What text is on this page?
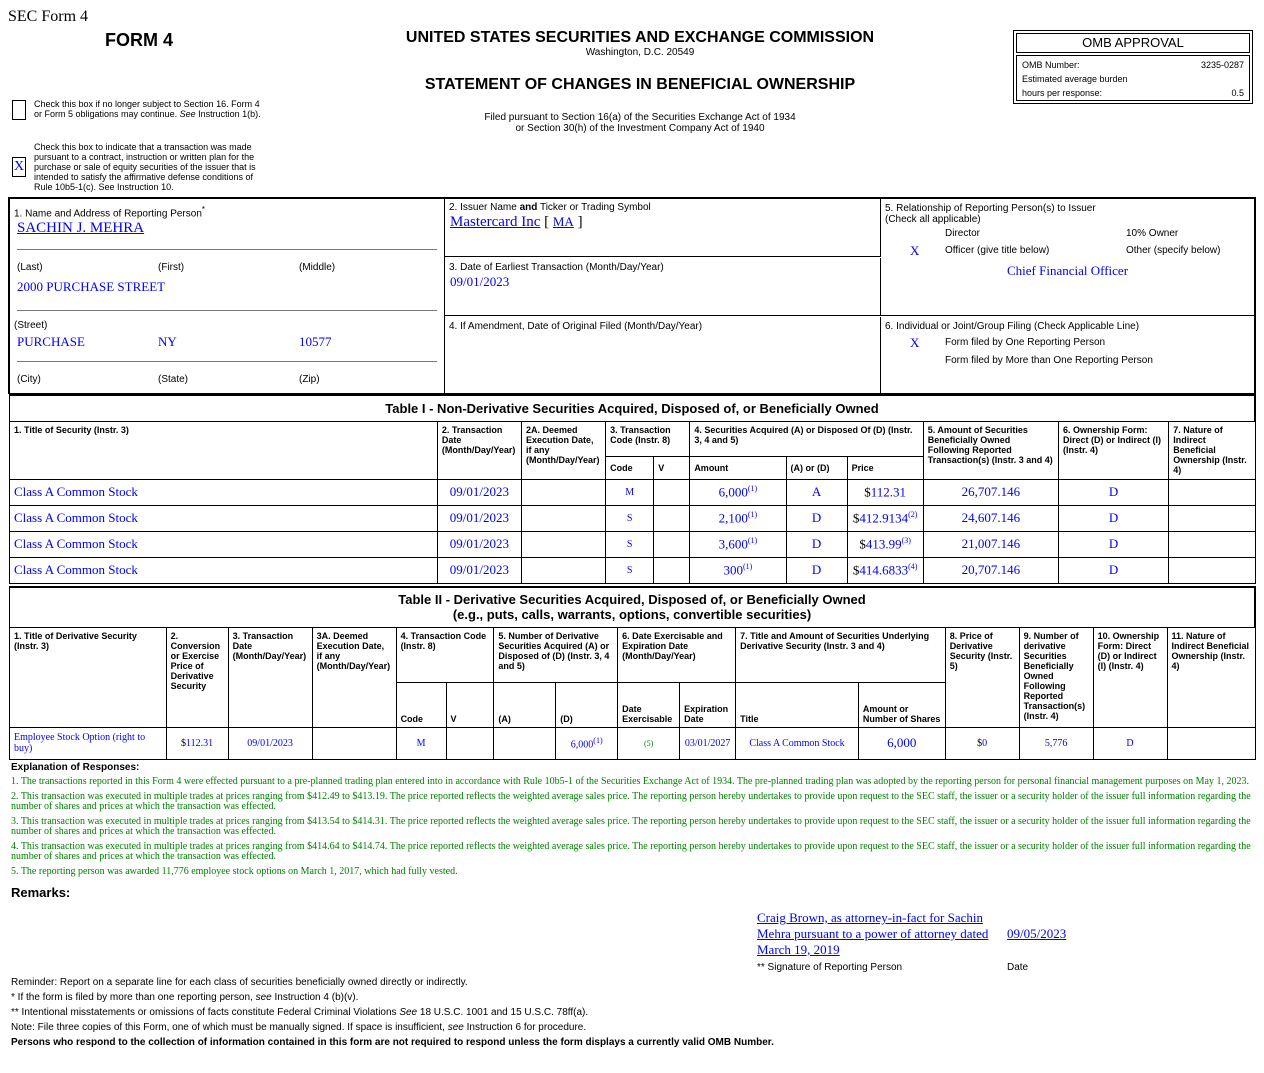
SEC Form 4
FORM 4	UNITED STATES SECURITIES AND EXCHANGE COMMISSION
Washington, D.C. 20549
STATEMENT OF CHANGES IN BENEFICIAL OWNERSHIP
Filed pursuant to Section 16(a) of the Securities Exchange Act of 1934
or Section 30(h) of the Investment Company Act of 1940
Check this box if no longer subject to Section 16. Form 4 or Form 5 obligations may continue. See Instruction 1(b).
X
Check this box to indicate that a transaction was made pursuant to a contract, instruction or written plan for the purchase or sale of equity securities of the issuer that is intended to satisfy the affirmative defense conditions of Rule 10b5-1(c). See Instruction 10.
OMB APPROVAL
OMB Number:	3235-0287
Estimated average burden
hours per response:	0.5
1. Name and Address of Reporting Person*
SACHIN J. MEHRA
(Last)	(First)	(Middle)
2000 PURCHASE STREET
(Street)
PURCHASE	NY	10577
(City)	(State)	(Zip)
2. Issuer Name and Ticker or Trading Symbol
Mastercard Inc [ MA ]
3. Date of Earliest Transaction (Month/Day/Year)
09/01/2023
4. If Amendment, Date of Original Filed (Month/Day/Year)
5. Relationship of Reporting Person(s) to Issuer
(Check all applicable)
Director	10% Owner
X	Officer (give title below)	Other (specify below)
Chief Financial Officer
6. Individual or Joint/Group Filing (Check Applicable Line)
X	Form filed by One Reporting Person
Form filed by More than One Reporting Person
Table I - Non-Derivative Securities Acquired, Disposed of, or Beneficially Owned										
1. Title of Security (Instr. 3)	2. Transaction Date (Month/Day/Year)	2A. Deemed Execution Date, if any (Month/Day/Year)	3. Transaction Code (Instr. 8)		4. Securities Acquired (A) or Disposed Of (D) (Instr. 3, 4 and 5)			5. Amount of Securities Beneficially Owned Following Reported Transaction(s) (Instr. 3 and 4)	6. Ownership Form: Direct (D) or Indirect (I) (Instr. 4)	7. Nature of Indirect Beneficial Ownership (Instr. 4)
			Code	V	Amount	(A) or (D)	Price			
Class A Common Stock	09/01/2023		M		6,000$^{(1)}$	A	$112.31	26,707.146	D	
Class A Common Stock	09/01/2023		S		2,100$^{(1)}$	D	$412.9134$^{(2)}$	24,607.146	D	
Class A Common Stock	09/01/2023		S		3,600$^{(1)}$	D	$413.99$^{(3)}$	21,007.146	D	
Class A Common Stock	09/01/2023		S		300$^{(1)}$	D	$414.6833$^{(4)}$	20,707.146	D	
Table II - Derivative Securities Acquired, Disposed of, or Beneficially Owned
(e.g., puts, calls, warrants, options, convertible securities)															

1. Title of Derivative Security (Instr. 3)	2. Conversion or Exercise Price of Derivative Security	3. Transaction Date (Month/Day/Year)	3A. Deemed Execution Date, if any (Month/Day/Year)	4. Transaction Code (Instr. 8)		5. Number of Derivative Securities Acquired (A) or Disposed of (D) (Instr. 3, 4 and 5)		6. Date Exercisable and Expiration Date (Month/Day/Year)		7. Title and Amount of Securities Underlying Derivative Security (Instr. 3 and 4)		8. Price of Derivative Security (Instr. 5)	9. Number of derivative Securities Beneficially Owned Following Reported Transaction(s) (Instr. 4)	10. Ownership Form: Direct (D) or Indirect (I) (Instr. 4)	11. Nature of Indirect Beneficial Ownership (Instr. 4)
				Code	V	(A)	(D)	Date Exercisable	Expiration Date	Title	Amount or Number of Shares				
Employee Stock Option (right to buy)	$112.31	09/01/2023		M			6,000$^{(1)}$	(5)	03/01/2027	Class A Common Stock	6,000	$0	5,776	D	
Explanation of Responses:
1. The transactions reported in this Form 4 were effected pursuant to a pre-planned trading plan entered into in accordance with Rule 10b5-1 of the Securities Exchange Act of 1934. The pre-planned trading plan was adopted by the reporting person for personal financial management purposes on May 1, 2023.
2. This transaction was executed in multiple trades at prices ranging from $412.49 to $413.19. The price reported reflects the weighted average sales price. The reporting person hereby undertakes to provide upon request to the SEC staff, the issuer or a security holder of the issuer full information regarding the number of shares and prices at which the transaction was effected.
3. This transaction was executed in multiple trades at prices ranging from $413.54 to $414.31. The price reported reflects the weighted average sales price. The reporting person hereby undertakes to provide upon request to the SEC staff, the issuer or a security holder of the issuer full information regarding the number of shares and prices at which the transaction was effected.
4. This transaction was executed in multiple trades at prices ranging from $414.64 to $414.74. The price reported reflects the weighted average sales price. The reporting person hereby undertakes to provide upon request to the SEC staff, the issuer or a security holder of the issuer full information regarding the number of shares and prices at which the transaction was effected.
5. The reporting person was awarded 11,776 employee stock options on March 1, 2017, which had fully vested.
Remarks:
Craig Brown, as attorney-in-fact for Sachin Mehra pursuant to a power of attorney dated March 19, 2019
09/05/2023
** Signature of Reporting Person	Date
Reminder: Report on a separate line for each class of securities beneficially owned directly or indirectly.
* If the form is filed by more than one reporting person, see Instruction 4 (b)(v).
** Intentional misstatements or omissions of facts constitute Federal Criminal Violations See 18 U.S.C. 1001 and 15 U.S.C. 78ff(a).
Note: File three copies of this Form, one of which must be manually signed. If space is insufficient, see Instruction 6 for procedure.
Persons who respond to the collection of information contained in this form are not required to respond unless the form displays a currently valid OMB Number.
